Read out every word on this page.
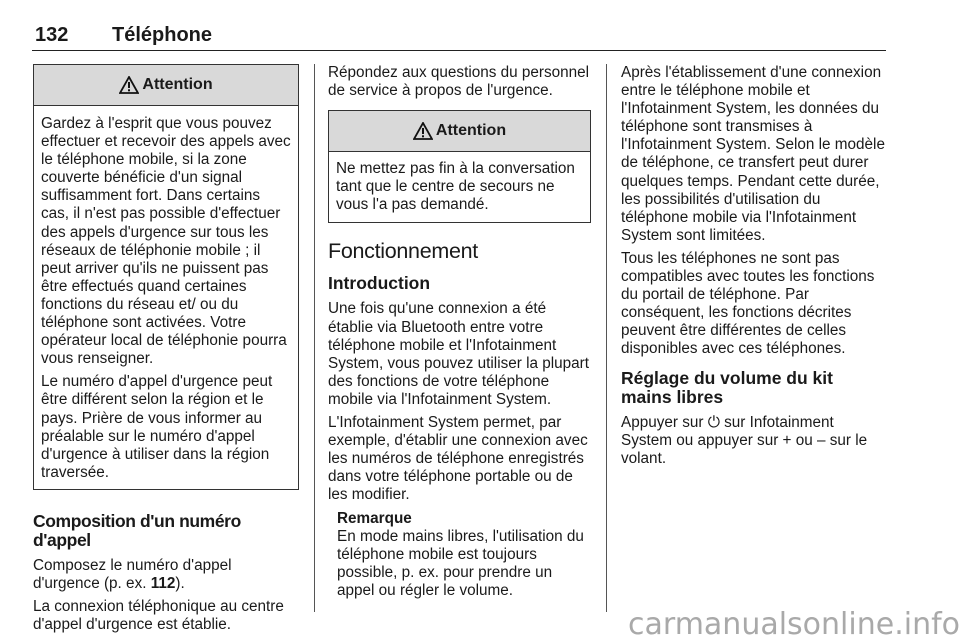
132 Téléphone
Attention

Gardez à l'esprit que vous pouvez effectuer et recevoir des appels avec le téléphone mobile, si la zone couverte bénéficie d'un signal suffisamment fort. Dans certains cas, il n'est pas possible d'effectuer des appels d'urgence sur tous les réseaux de téléphonie mobile ; il peut arriver qu'ils ne puissent pas être effectués quand certaines fonctions du réseau et/ ou du téléphone sont activées. Votre opérateur local de téléphonie pourra vous renseigner.

Le numéro d'appel d'urgence peut être différent selon la région et le pays. Prière de vous informer au préalable sur le numéro d'appel d'urgence à utiliser dans la région traversée.

Composition d'un numéro d'appel

Composez le numéro d'appel d'urgence (p. ex. 112).

La connexion téléphonique au centre d'appel d'urgence est établie.

Répondez aux questions du personnel de service à propos de l'urgence.

Attention

Ne mettez pas fin à la conversation tant que le centre de secours ne vous l'a pas demandé.

Fonctionnement
Introduction

Une fois qu'une connexion a été établie via Bluetooth entre votre téléphone mobile et l'Infotainment System, vous pouvez utiliser la plupart des fonctions de votre téléphone mobile via l'Infotainment System.

L'Infotainment System permet, par exemple, d'établir une connexion avec les numéros de téléphone enregistrés dans votre téléphone portable ou de les modifier.

Remarque

En mode mains libres, l'utilisation du téléphone mobile est toujours possible, p. ex. pour prendre un appel ou régler le volume.

Après l'établissement d'une connexion entre le téléphone mobile et l'Infotainment System, les données du téléphone sont transmises à l'Infotainment System. Selon le modèle de téléphone, ce transfert peut durer quelques temps. Pendant cette durée, les possibilités d'utilisation du téléphone mobile via l'Infotainment System sont limitées.

Tous les téléphones ne sont pas compatibles avec toutes les fonctions du portail de téléphone. Par conséquent, les fonctions décrites peuvent être différentes de celles disponibles avec ces téléphones.

Réglage du volume du kit mains libres

Appuyer sur ⏻ sur Infotainment System ou appuyer sur + ou – sur le volant.

carmanualsonline.info
